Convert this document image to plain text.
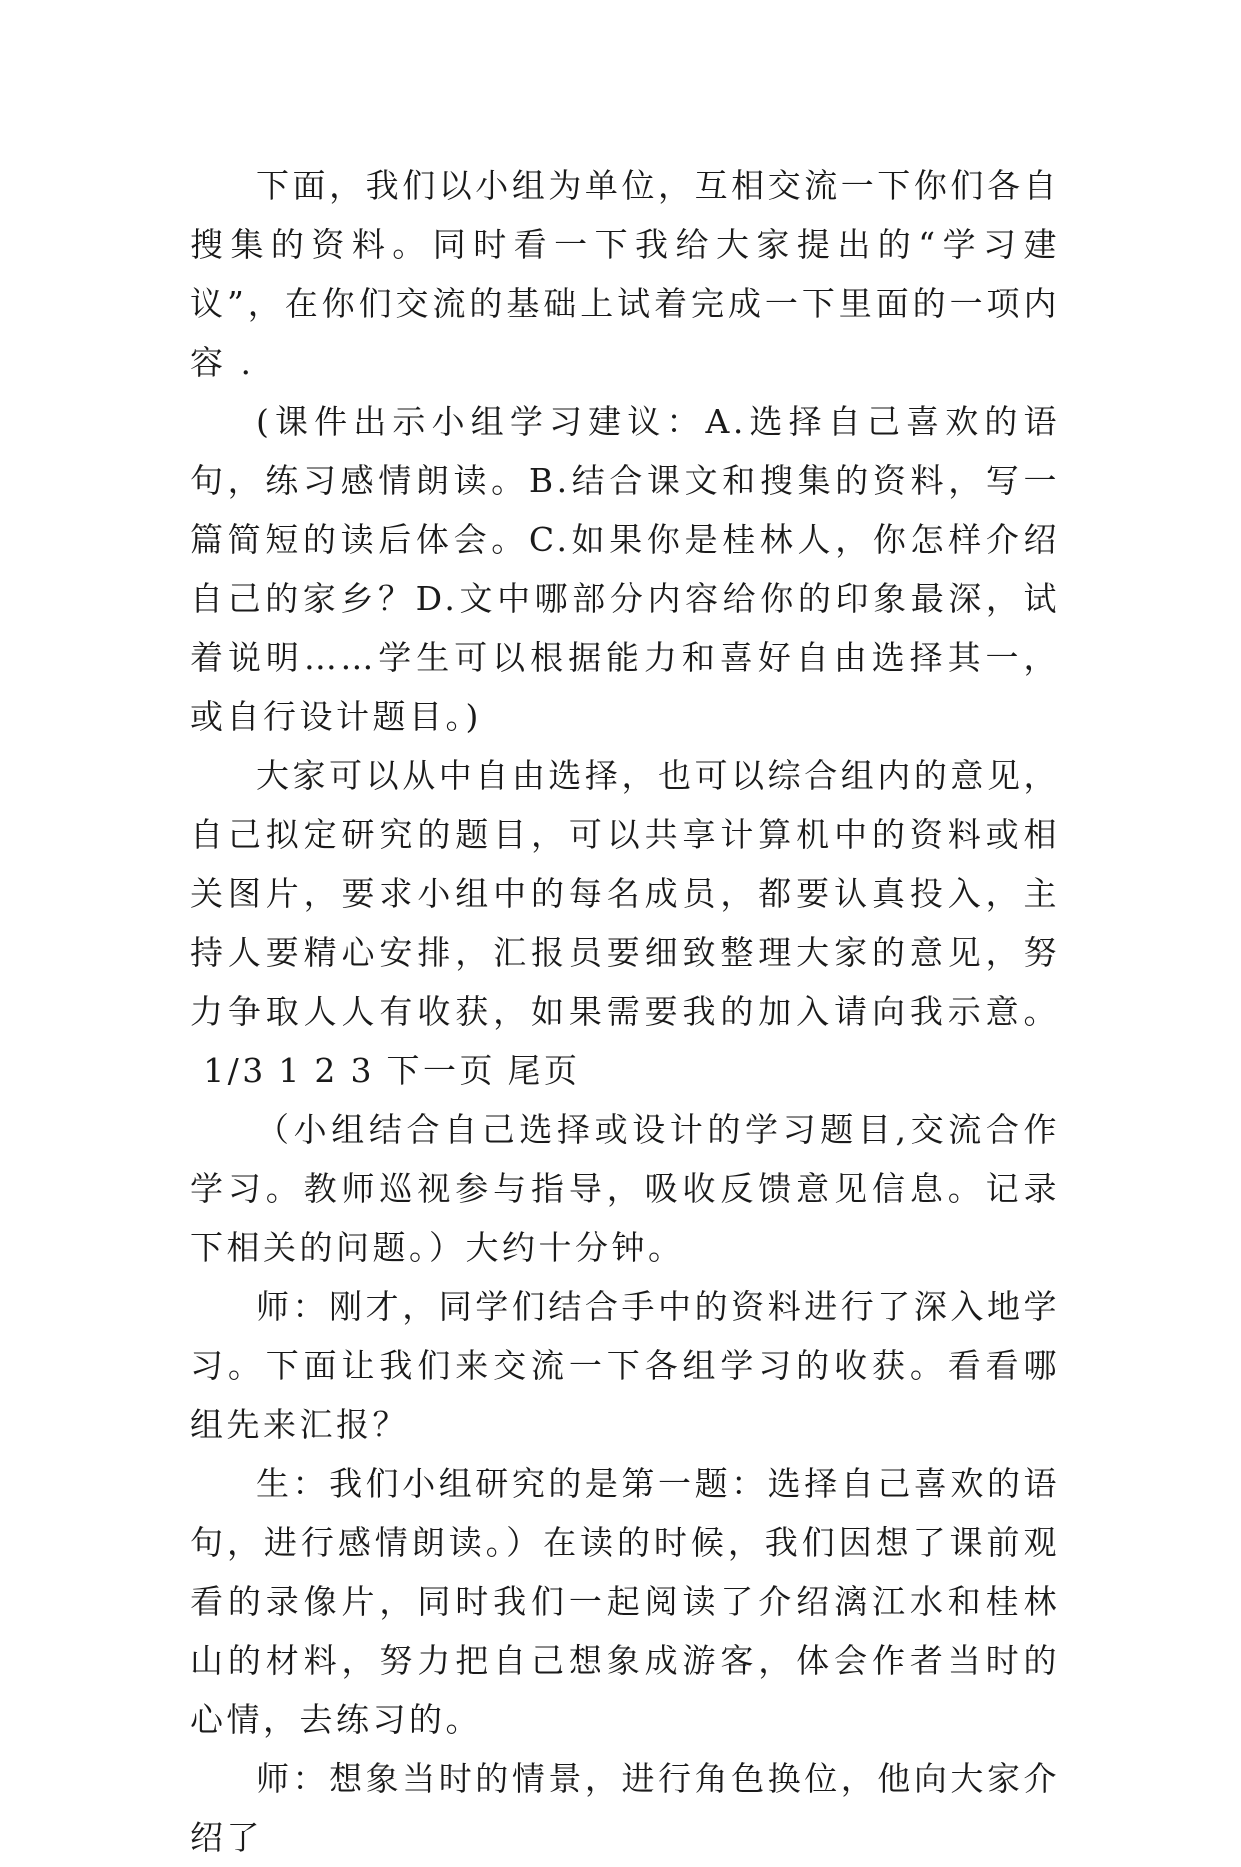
下面，我们以小组为单位，互相交流一下你们各自搜集的资料。同时看一下我给大家提出的“学习建议”，在你们交流的基础上试着完成一下里面的一项内容 .

(课件出示小组学习建议：A.选择自己喜欢的语句，练习感情朗读。B.结合课文和搜集的资料，写一篇简短的读后体会。C.如果你是桂林人，你怎样介绍自己的家乡？D.文中哪部分内容给你的印象最深，试着说明……学生可以根据能力和喜好自由选择其一，或自行设计题目。)

大家可以从中自由选择，也可以综合组内的意见，自己拟定研究的题目，可以共享计算机中的资料或相关图片，要求小组中的每名成员，都要认真投入，主持人要精心安排，汇报员要细致整理大家的意见，努力争取人人有收获，如果需要我的加入请向我示意。1/3 1 2 3 下一页 尾页

（小组结合自己选择或设计的学习题目,交流合作学习。教师巡视参与指导，吸收反馈意见信息。记录下相关的问题。）大约十分钟。

师：刚才，同学们结合手中的资料进行了深入地学习。下面让我们来交流一下各组学习的收获。看看哪组先来汇报？

生：我们小组研究的是第一题：选择自己喜欢的语句，进行感情朗读。）在读的时候，我们因想了课前观看的录像片，同时我们一起阅读了介绍漓江水和桂林山的材料，努力把自己想象成游客，体会作者当时的心情，去练习的。

师：想象当时的情景，进行角色换位，他向大家介绍了
